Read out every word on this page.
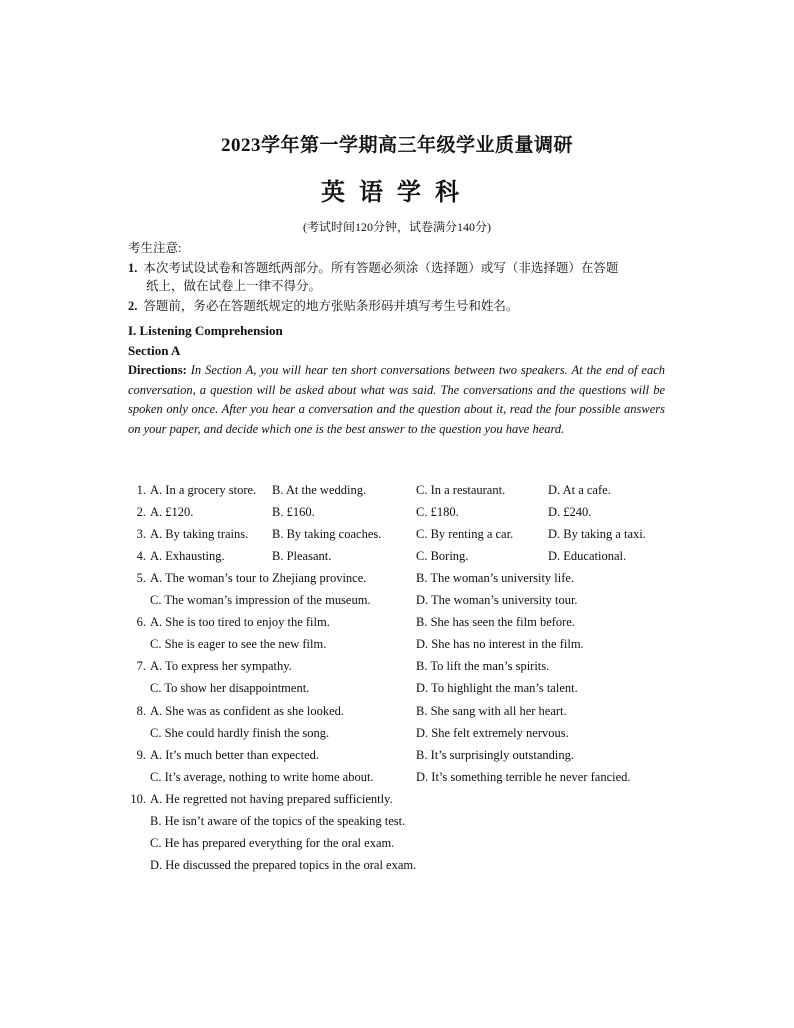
2023学年第一学期高三年级学业质量调研
英语学科
(考试时间120分钟，试卷满分140分)
考生注意:
1. 本次考试设试卷和答题纸两部分。所有答题必须涂（选择题）或写（非选择题）在答题
纸上，做在试卷上一律不得分。
2. 答题前，务必在答题纸规定的地方张贴条形码并填写考生号和姓名。
I. Listening Comprehension
Section A
Directions: In Section A, you will hear ten short conversations between two speakers. At the end of each conversation, a question will be asked about what was said. The conversations and the questions will be spoken only once. After you hear a conversation and the question about it, read the four possible answers on your paper, and decide which one is the best answer to the question you have heard.
1. A. In a grocery store. B. At the wedding.	C. In a restaurant.	D. At a cafe.
2. A. £120.	B. £160.	C. £180.	D. £240.
3. A. By taking trains. B. By taking coaches.	C. By renting a car.	D. By taking a taxi.
4. A. Exhausting.	B. Pleasant.	C. Boring.	D. Educational.
5. A. The woman’s tour to Zhejiang province.	B. The woman’s university life.
C. The woman’s impression of the museum.	D. The woman’s university tour.
6. A. She is too tired to enjoy the film.	B. She has seen the film before.
C. She is eager to see the new film.	D. She has no interest in the film.
7. A. To express her sympathy.	B. To lift the man’s spirits.
C. To show her disappointment.	D. To highlight the man’s talent.
8. A. She was as confident as she looked.	B. She sang with all her heart.
C. She could hardly finish the song.	D. She felt extremely nervous.
9. A. It’s much better than expected.	B. It’s surprisingly outstanding.
C. It’s average, nothing to write home about.	D. It’s something terrible he never fancied.
10. A. He regretted not having prepared sufficiently.
B. He isn’t aware of the topics of the speaking test.
C. He has prepared everything for the oral exam.
D. He discussed the prepared topics in the oral exam.
